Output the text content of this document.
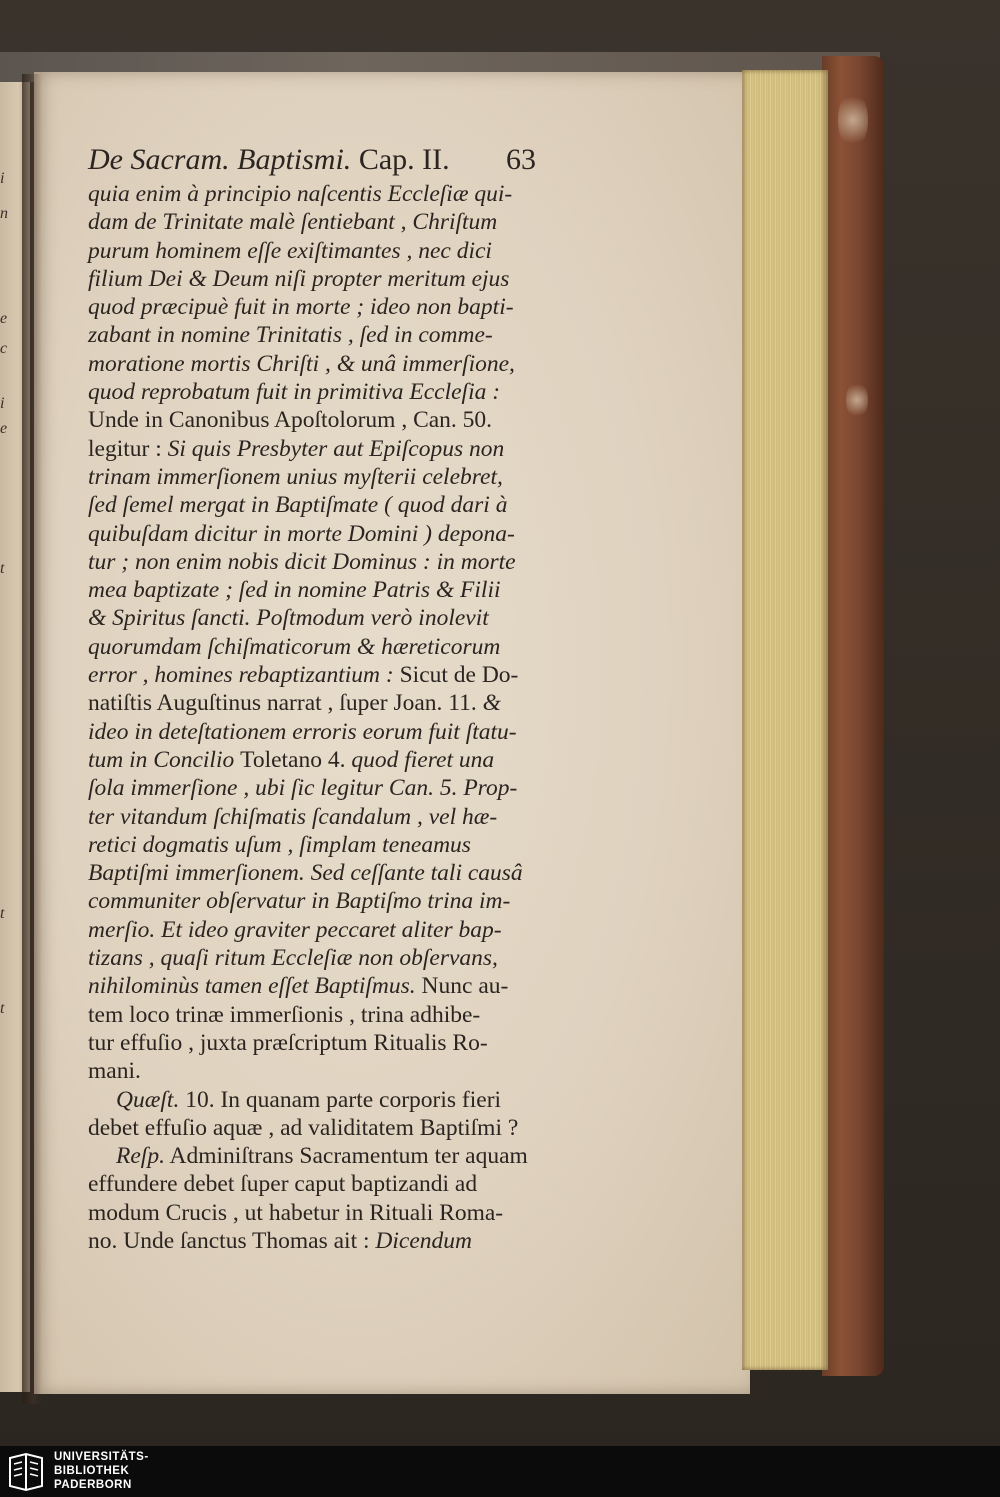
i
n
e
c
i
e
t
t
t
De Sacram. Baptismi. Cap. II. 63
quia enim à principio naſcentis Eccleſiæ qui-
dam de Trinitate malè ſentiebant , Chriſtum
purum hominem eſſe exiſtimantes , nec dici
filium Dei & Deum niſi propter meritum ejus
quod præcipuè fuit in morte ; ideo non bapti-
zabant in nomine Trinitatis , ſed in comme-
moratione mortis Chriſti , & unâ immerſione,
quod reprobatum fuit in primitiva Eccleſia :
Unde in Canonibus Apoſtolorum , Can. 50.
legitur : Si quis Presbyter aut Epiſcopus non
trinam immerſionem unius myſterii celebret,
ſed ſemel mergat in Baptiſmate ( quod dari à
quibuſdam dicitur in morte Domini ) depona-
tur ; non enim nobis dicit Dominus : in morte
mea baptizate ; ſed in nomine Patris & Filii
& Spiritus ſancti. Poſtmodum verò inolevit
quorumdam ſchiſmaticorum & hæreticorum
error , homines rebaptizantium : Sicut de Do-
natiſtis Auguſtinus narrat , ſuper Joan. 11. &
ideo in deteſtationem erroris eorum fuit ſtatu-
tum in Concilio Toletano 4. quod fieret una
ſola immerſione , ubi ſic legitur Can. 5. Prop-
ter vitandum ſchiſmatis ſcandalum , vel hæ-
retici dogmatis uſum , ſimplam teneamus
Baptiſmi immerſionem. Sed ceſſante tali causâ
communiter obſervatur in Baptiſmo trina im-
merſio. Et ideo graviter peccaret aliter bap-
tizans , quaſi ritum Eccleſiæ non obſervans,
nihilominùs tamen eſſet Baptiſmus. Nunc au-
tem loco trinæ immerſionis , trina adhibe-
tur effuſio , juxta præſcriptum Ritualis Ro-
mani.
Quæſt. 10. In quanam parte corporis fieri
debet effuſio aquæ , ad validitatem Baptiſmi ?
Reſp. Adminiſtrans Sacramentum ter aquam
effundere debet ſuper caput baptizandi ad
modum Crucis , ut habetur in Rituali Roma-
no. Unde ſanctus Thomas ait : Dicendum
UNIVERSITÄTS-
BIBLIOTHEK
PADERBORN
